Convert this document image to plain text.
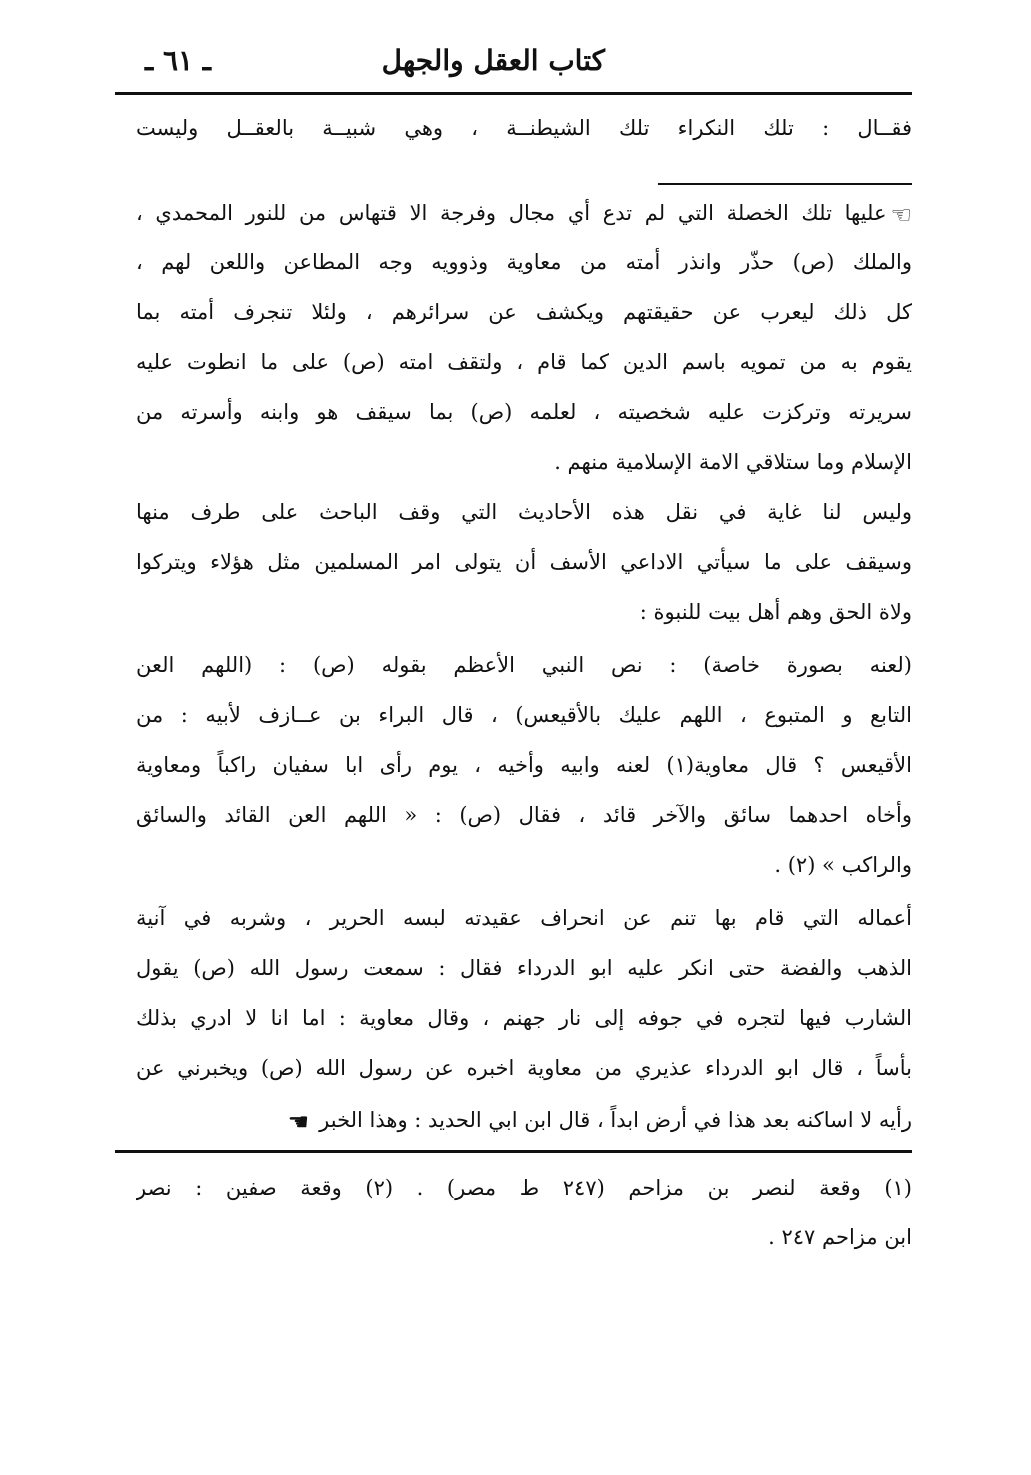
كتاب العقل والجهل
ـ ٦١ ـ
فقــال : تلك النكراء تلك الشيطنــة ، وهي شبيــة بالعقــل وليست
☜عليها تلك الخصلة التي لم تدع أي مجال وفرجة الا قتهاس من للنور المحمدي ،
والملك (ص) حذّر وانذر أمته من معاوية وذوويه وجه المطاعن واللعن لهم ،
كل ذلك ليعرب عن حقيقتهم ويكشف عن سرائرهم ، ولئلا تنجرف أمته بما
يقوم به من تمويه باسم الدين كما قام ، ولتقف امته (ص) على ما انطوت عليه
سريرته وتركزت عليه شخصيته ، لعلمه (ص) بما سيقف هو وابنه وأسرته من
الإسلام وما ستلاقي الامة الإسلامية منهم .
وليس لنا غاية في نقل هذه الأحاديث التي وقف الباحث على طرف منها
وسيقف على ما سيأتي الاداعي الأسف أن يتولى امر المسلمين مثل هؤلاء ويتركوا
ولاة الحق وهم أهل بيت للنبوة :
(لعنه بصورة خاصة) : نص النبي الأعظم بقوله (ص) : (اللهم العن
التابع و المتبوع ، اللهم عليك بالأقيعس) ، قال البراء بن عــازف لأبيه : من
الأقيعس ؟ قال معاوية(١) لعنه وابيه وأخيه ، يوم رأى ابا سفيان راكباً ومعاوية
وأخاه احدهما سائق والآخر قائد ، فقال (ص) : « اللهم العن القائد والسائق
والراكب » (٢) .
أعماله التي قام بها تنم عن انحراف عقيدته لبسه الحرير ، وشربه في آنية
الذهب والفضة حتى انكر عليه ابو الدرداء فقال : سمعت رسول الله (ص) يقول
الشارب فيها لتجره في جوفه إلى نار جهنم ، وقال معاوية : اما انا لا ادري بذلك
بأساً ، قال ابو الدرداء عذيري من معاوية اخبره عن رسول الله (ص) ويخبرني عن
رأيه لا اساكنه بعد هذا في أرض ابداً ، قال ابن ابي الحديد : وهذا الخبر☚
(١) وقعة لنصر بن مزاحم (٢٤٧ ط مصر) . (٢) وقعة صفين : نصر
ابن مزاحم ٢٤٧ .
